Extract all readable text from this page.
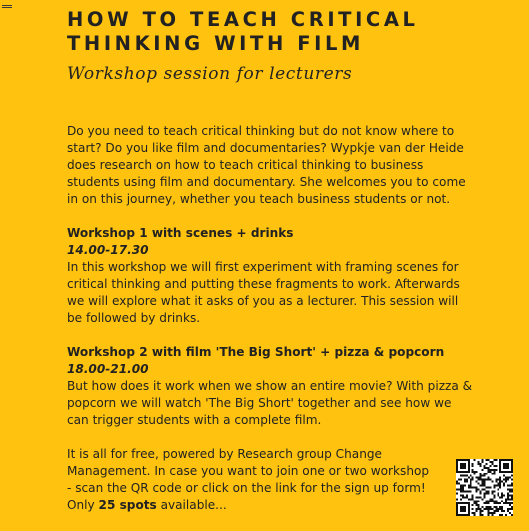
HOW TO TEACH CRITICAL
THINKING WITH FILM
Workshop session for lecturers

Do you need to teach critical thinking but do not know where to
start? Do you like film and documentaries? Wypkje van der Heide
does research on how to teach critical thinking to business
students using film and documentary. She welcomes you to come
in on this journey, whether you teach business students or not.

Workshop 1 with scenes + drinks
14.00-17.30
In this workshop we will first experiment with framing scenes for
critical thinking and putting these fragments to work. Afterwards
we will explore what it asks of you as a lecturer. This session will
be followed by drinks.

Workshop 2 with film 'The Big Short' + pizza & popcorn
18.00-21.00
But how does it work when we show an entire movie? With pizza &
popcorn we will watch 'The Big Short' together and see how we
can trigger students with a complete film.

It is all for free, powered by Research group Change
Management. In case you want to join one or two workshop
- scan the QR code or click on the link for the sign up form!
Only 25 spots available...
